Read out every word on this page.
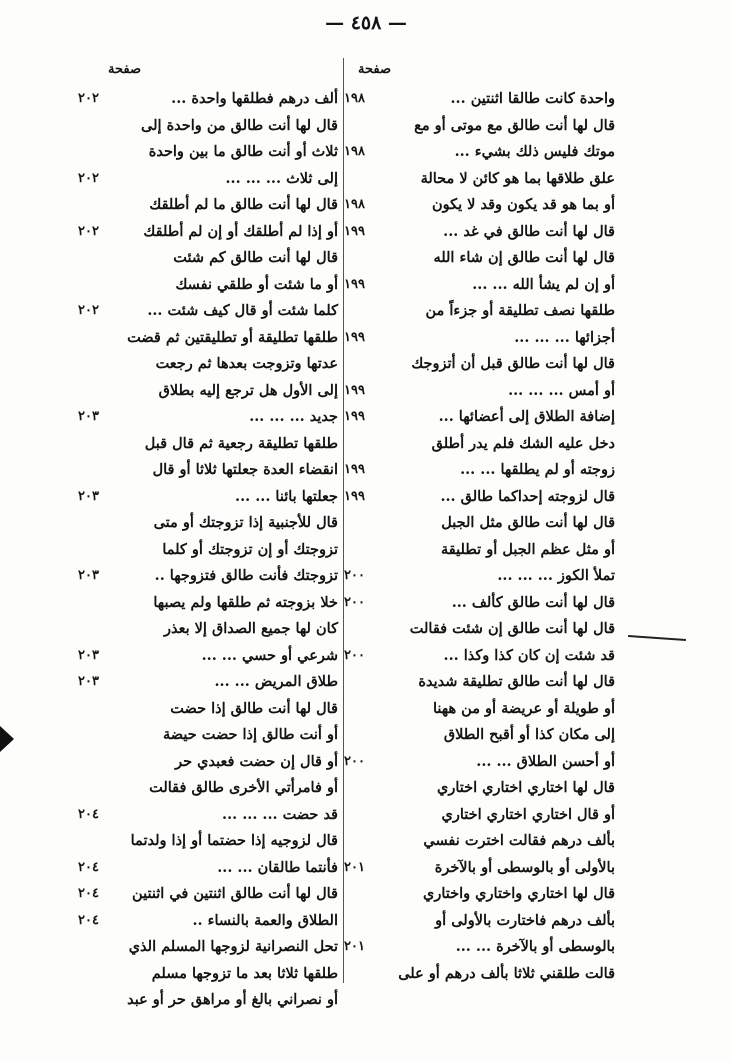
— ٤٥٨ —
صفحة
صفحة
واحدة كانت طالقا اثنتين ...
١٩٨
قال لها أنت طالق مع موتى أو مع
موتك فليس ذلك بشيء ...
١٩٨
علق طلاقها بما هو كائن لا محالة
أو بما هو قد يكون وقد لا يكون
١٩٨
قال لها أنت طالق في غد ...
١٩٩
قال لها أنت طالق إن شاء الله
أو إن لم يشأ الله ... ...
١٩٩
طلقها نصف تطليقة أو جزءاً من
أجزائها ... ... ...
١٩٩
قال لها أنت طالق قبل أن أتزوجك
أو أمس ... ... ...
١٩٩
إضافة الطلاق إلى أعضائها ...
١٩٩
دخل عليه الشك فلم يدر أطلق
زوجته أو لم يطلقها ... ...
١٩٩
قال لزوجته إحداكما طالق ...
١٩٩
قال لها أنت طالق مثل الجبل
أو مثل عظم الجبل أو تطليقة
تملأ الكوز ... ... ...
٢٠٠
قال لها أنت طالق كألف ...
٢٠٠
قال لها أنت طالق إن شئت فقالت
قد شئت إن كان كذا وكذا ...
٢٠٠
قال لها أنت طالق تطليقة شديدة
أو طويلة أو عريضة أو من ههنا
إلى مكان كذا أو أقبح الطلاق
أو أحسن الطلاق ... ...
٢٠٠
قال لها اختاري اختاري اختاري
أو قال اختاري اختاري اختاري
بألف درهم فقالت اخترت نفسي
بالأولى أو بالوسطى أو بالآخرة
٢٠١
قال لها اختاري واختاري واختاري
بألف درهم فاختارت بالأولى أو
بالوسطى أو بالآخرة ... ...
٢٠١
قالت طلقني ثلاثا بألف درهم أو على
ألف درهم فطلقها واحدة ...
٢٠٢
قال لها أنت طالق من واحدة إلى
ثلاث أو أنت طالق ما بين واحدة
إلى ثلاث ... ... ...
٢٠٢
قال لها أنت طالق ما لم أطلقك
أو إذا لم أطلقك أو إن لم أطلقك
٢٠٢
قال لها أنت طالق كم شئت
أو ما شئت أو طلقي نفسك
كلما شئت أو قال كيف شئت ...
٢٠٢
طلقها تطليقة أو تطليقتين ثم قضت
عدتها وتزوجت بعدها ثم رجعت
إلى الأول هل ترجع إليه بطلاق
جديد ... ... ...
٢٠٣
طلقها تطليقة رجعية ثم قال قبل
انقضاء العدة جعلتها ثلاثا أو قال
جعلتها بائنا ... ...
٢٠٣
قال للأجنبية إذا تزوجتك أو متى
تزوجتك أو إن تزوجتك أو كلما
تزوجتك فأنت طالق فتزوجها ..
٢٠٣
خلا بزوجته ثم طلقها ولم يصبها
كان لها جميع الصداق إلا بعذر
شرعي أو حسي ... ...
٢٠٣
طلاق المريض ... ...
٢٠٣
قال لها أنت طالق إذا حضت
أو أنت طالق إذا حضت حيضة
أو قال إن حضت فعبدي حر
أو فامرأتي الأخرى طالق فقالت
قد حضت ... ... ...
٢٠٤
قال لزوجيه إذا حضتما أو إذا ولدتما
فأنتما طالقان ... ...
٢٠٤
قال لها أنت طالق اثنتين في اثنتين
٢٠٤
الطلاق والعمة بالنساء ..
٢٠٤
تحل النصرانية لزوجها المسلم الذي
طلقها ثلاثا بعد ما تزوجها مسلم
أو نصراني بالغ أو مراهق حر أو عبد
